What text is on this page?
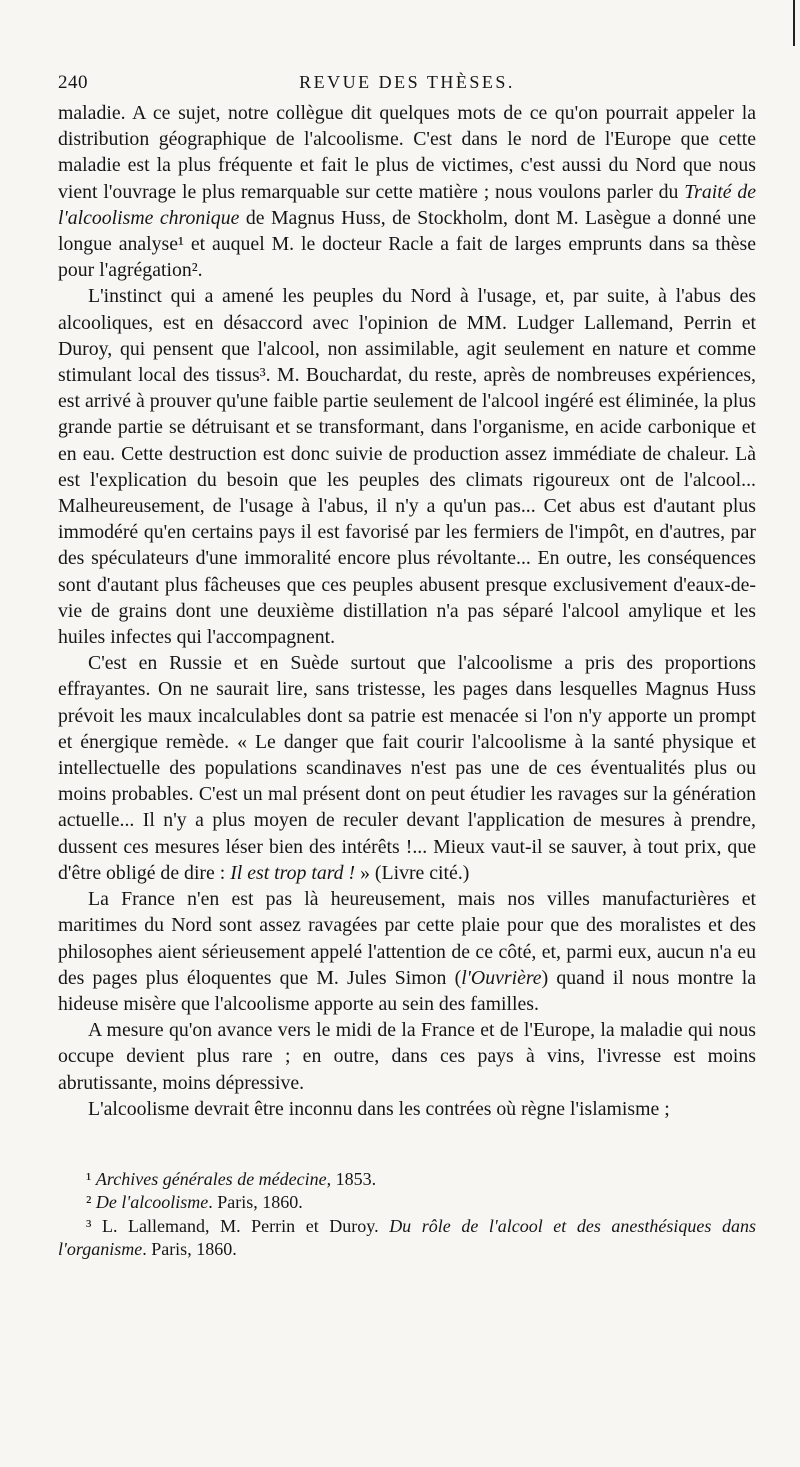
240	REVUE DES THÈSES.

maladie. A ce sujet, notre collègue dit quelques mots de ce qu'on pourrait appeler la distribution géographique de l'alcoolisme. C'est dans le nord de l'Europe que cette maladie est la plus fréquente et fait le plus de victimes, c'est aussi du Nord que nous vient l'ouvrage le plus remarquable sur cette matière ; nous voulons parler du Traité de l'alcoolisme chronique de Magnus Huss, de Stockholm, dont M. Lasègue a donné une longue analyse¹ et auquel M. le docteur Racle a fait de larges emprunts dans sa thèse pour l'agrégation².

L'instinct qui a amené les peuples du Nord à l'usage, et, par suite, à l'abus des alcooliques, est en désaccord avec l'opinion de MM. Ludger Lallemand, Perrin et Duroy, qui pensent que l'alcool, non assimilable, agit seulement en nature et comme stimulant local des tissus³. M. Bouchardat, du reste, après de nombreuses expériences, est arrivé à prouver qu'une faible partie seulement de l'alcool ingéré est éliminée, la plus grande partie se détruisant et se transformant, dans l'organisme, en acide carbonique et en eau. Cette destruction est donc suivie de production assez immédiate de chaleur. Là est l'explication du besoin que les peuples des climats rigoureux ont de l'alcool... Malheureusement, de l'usage à l'abus, il n'y a qu'un pas... Cet abus est d'autant plus immodéré qu'en certains pays il est favorisé par les fermiers de l'impôt, en d'autres, par des spéculateurs d'une immoralité encore plus révoltante... En outre, les conséquences sont d'autant plus fâcheuses que ces peuples abusent presque exclusivement d'eaux-de-vie de grains dont une deuxième distillation n'a pas séparé l'alcool amylique et les huiles infectes qui l'accompagnent.

C'est en Russie et en Suède surtout que l'alcoolisme a pris des proportions effrayantes. On ne saurait lire, sans tristesse, les pages dans lesquelles Magnus Huss prévoit les maux incalculables dont sa patrie est menacée si l'on n'y apporte un prompt et énergique remède. « Le danger que fait courir l'alcoolisme à la santé physique et intellectuelle des populations scandinaves n'est pas une de ces éventualités plus ou moins probables. C'est un mal présent dont on peut étudier les ravages sur la génération actuelle... Il n'y a plus moyen de reculer devant l'application de mesures à prendre, dussent ces mesures léser bien des intérêts !... Mieux vaut-il se sauver, à tout prix, que d'être obligé de dire : Il est trop tard ! » (Livre cité.)

La France n'en est pas là heureusement, mais nos villes manufacturières et maritimes du Nord sont assez ravagées par cette plaie pour que des moralistes et des philosophes aient sérieusement appelé l'attention de ce côté, et, parmi eux, aucun n'a eu des pages plus éloquentes que M. Jules Simon (l'Ouvrière) quand il nous montre la hideuse misère que l'alcoolisme apporte au sein des familles.

A mesure qu'on avance vers le midi de la France et de l'Europe, la maladie qui nous occupe devient plus rare ; en outre, dans ces pays à vins, l'ivresse est moins abrutissante, moins dépressive.

L'alcoolisme devrait être inconnu dans les contrées où règne l'islamisme ;

¹ Archives générales de médecine, 1853.

² De l'alcoolisme. Paris, 1860.

³ L. Lallemand, M. Perrin et Duroy. Du rôle de l'alcool et des anesthésiques dans l'organisme. Paris, 1860.
